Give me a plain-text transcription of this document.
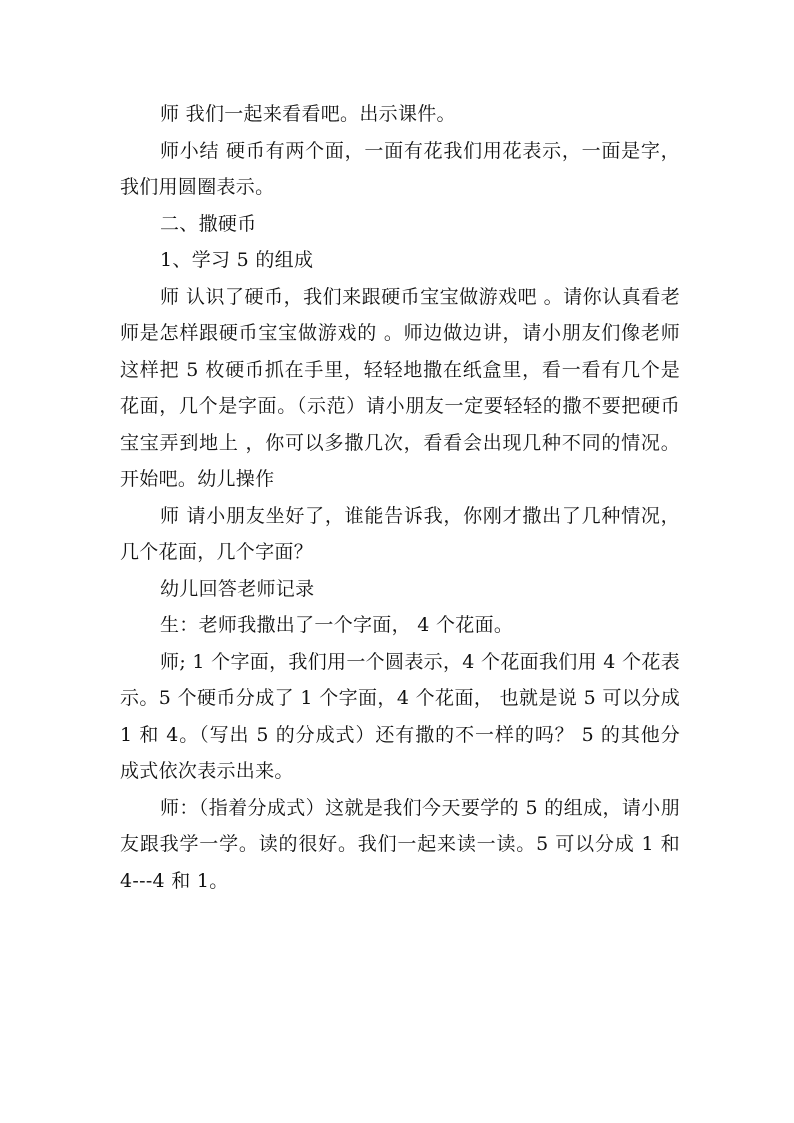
师 我们一起来看看吧。出示课件。

师小结 硬币有两个面，一面有花我们用花表示，一面是字，我们用圆圈表示。

二、撒硬币

1、学习 5 的组成

师 认识了硬币，我们来跟硬币宝宝做游戏吧 。请你认真看老师是怎样跟硬币宝宝做游戏的 。师边做边讲，请小朋友们像老师这样把 5 枚硬币抓在手里，轻轻地撒在纸盒里，看一看有几个是花面，几个是字面。（示范）请小朋友一定要轻轻的撒不要把硬币宝宝弄到地上 ，你可以多撒几次，看看会出现几种不同的情况。开始吧。幼儿操作

师 请小朋友坐好了，谁能告诉我，你刚才撒出了几种情况，几个花面，几个字面？

幼儿回答老师记录

生：老师我撒出了一个字面， 4 个花面。

师; 1 个字面，我们用一个圆表示，4 个花面我们用 4 个花表示。5 个硬币分成了 1 个字面，4 个花面， 也就是说 5 可以分成 1 和 4。（写出 5 的分成式）还有撒的不一样的吗？ 5 的其他分成式依次表示出来。

师：（指着分成式）这就是我们今天要学的 5 的组成，请小朋友跟我学一学。读的很好。我们一起来读一读。5 可以分成 1 和 4---4 和 1。
